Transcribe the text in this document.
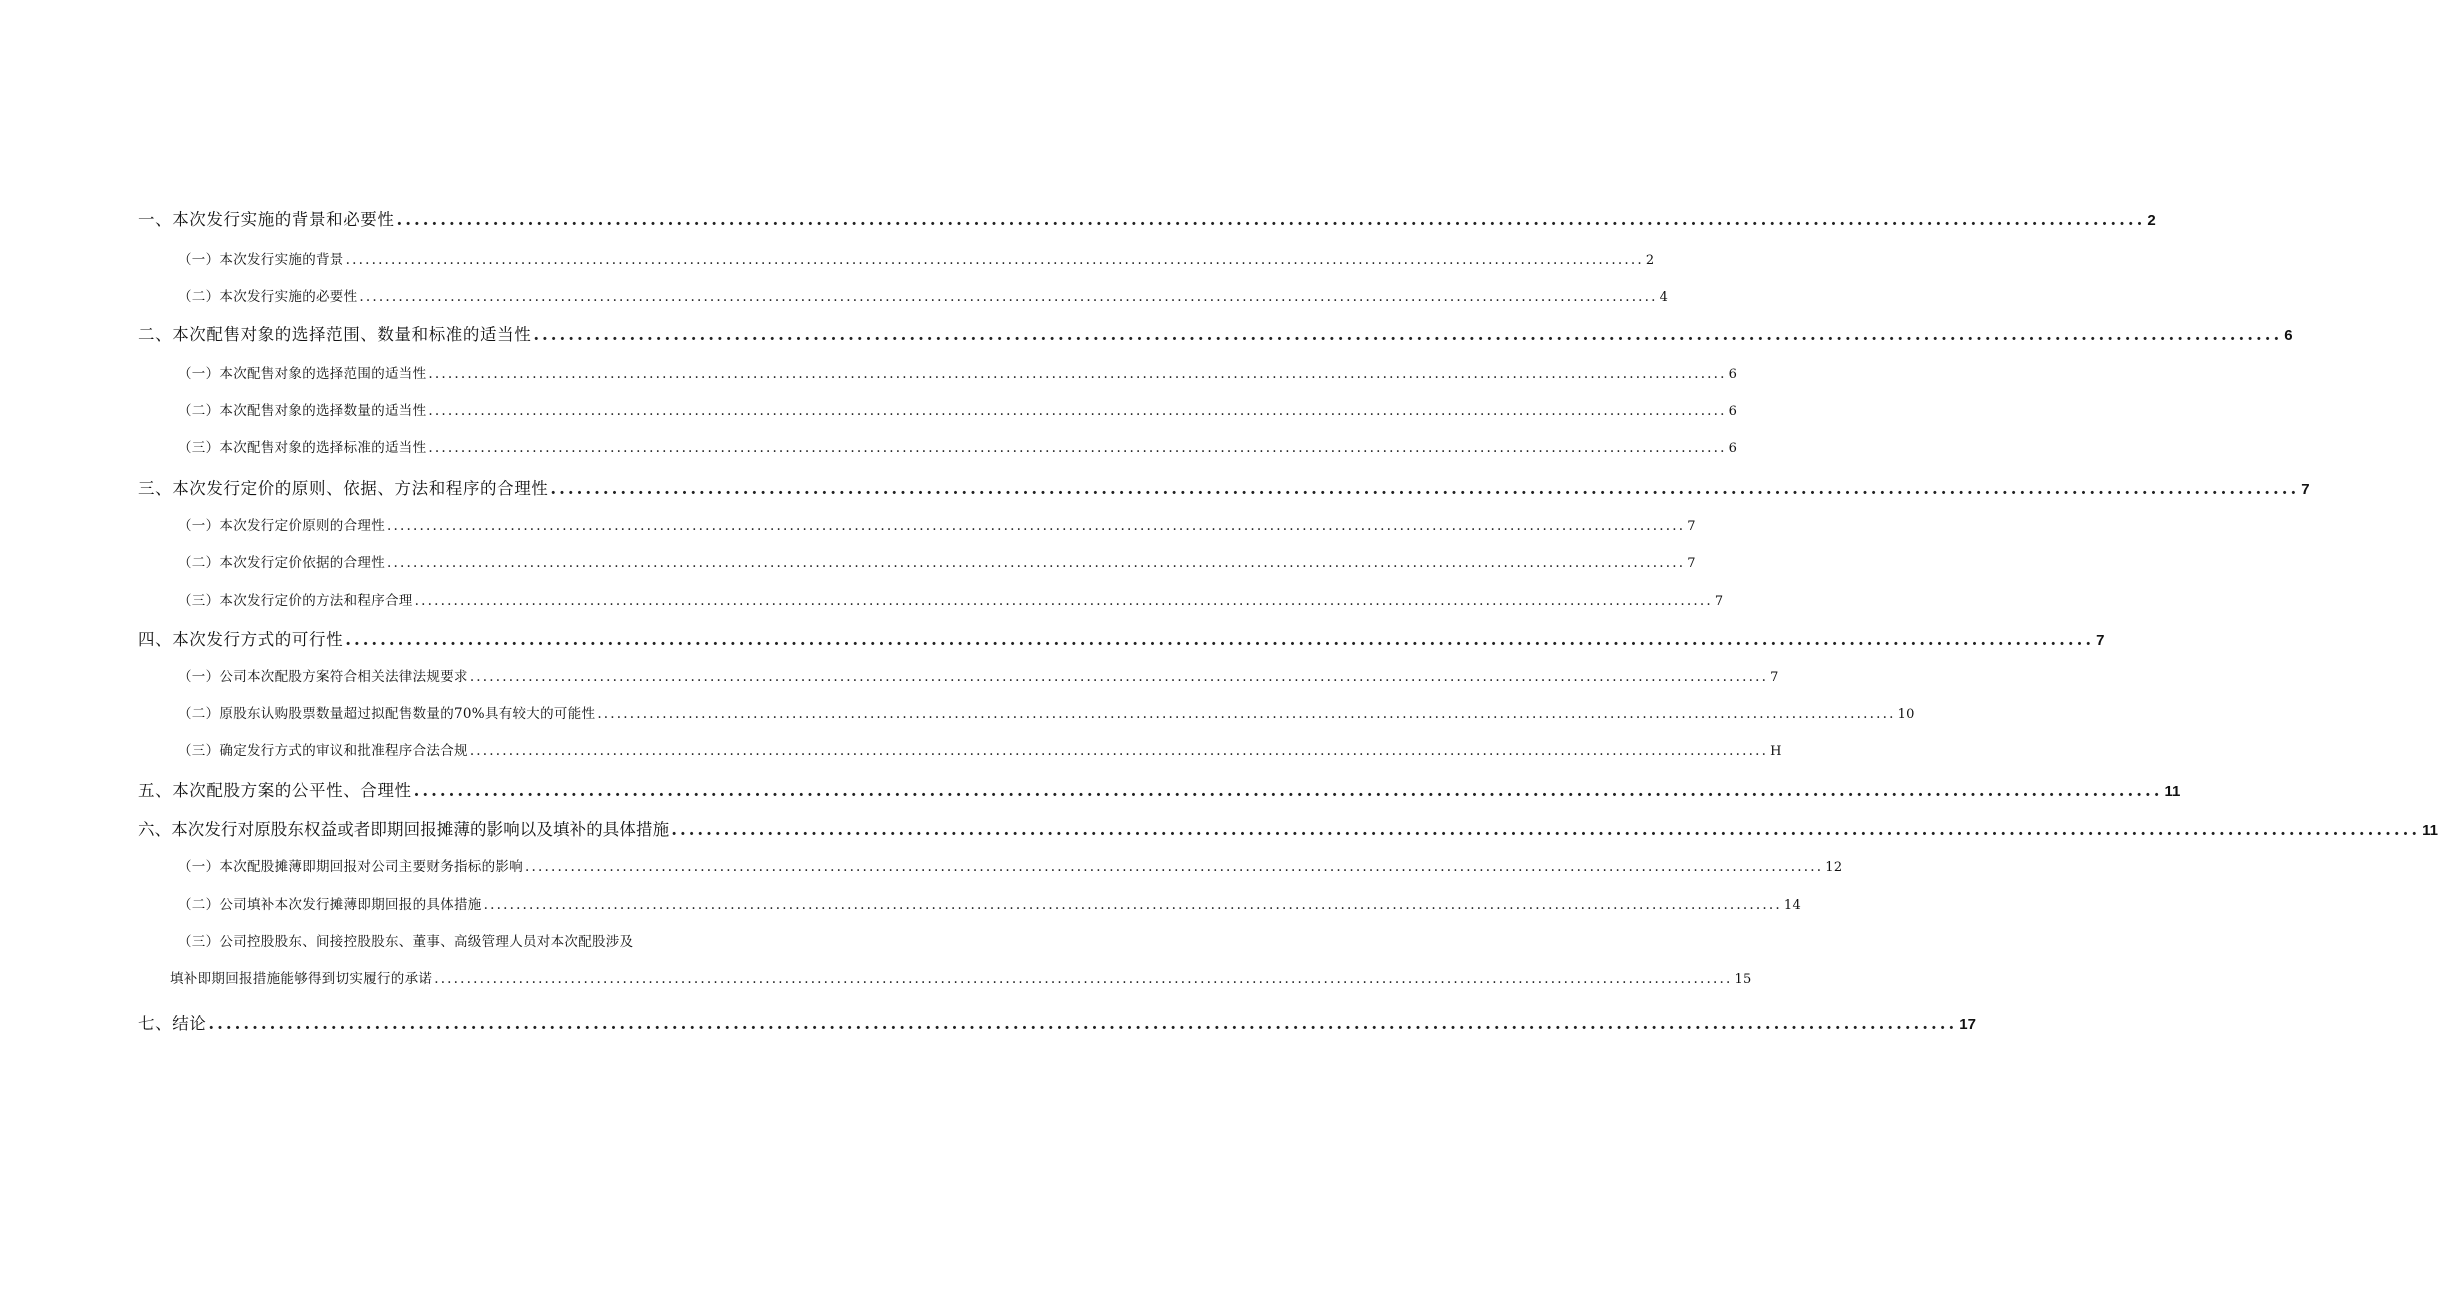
一、本次发行实施的背景和必要性 ........................................................................................................................................................................................................ 2
（一）本次发行实施的背景 ........................................................................................................................................................................................................ 2
（二）本次发行实施的必要性 ........................................................................................................................................................................................................ 4
二、本次配售对象的选择范围、数量和标准的适当性 ........................................................................................................................................................................................................ 6
（一）本次配售对象的选择范围的适当性 ........................................................................................................................................................................................................ 6
（二）本次配售对象的选择数量的适当性 ........................................................................................................................................................................................................ 6
（三）本次配售对象的选择标准的适当性 ........................................................................................................................................................................................................ 6
三、本次发行定价的原则、依据、方法和程序的合理性 ........................................................................................................................................................................................................ 7
（一）本次发行定价原则的合理性 ........................................................................................................................................................................................................ 7
（二）本次发行定价依据的合理性 ........................................................................................................................................................................................................ 7
（三）本次发行定价的方法和程序合理 ........................................................................................................................................................................................................ 7
四、本次发行方式的可行性 ........................................................................................................................................................................................................ 7
（一）公司本次配股方案符合相关法律法规要求 ........................................................................................................................................................................................................ 7
（二）原股东认购股票数量超过拟配售数量的70%具有较大的可能性 ........................................................................................................................................................................................................ 10
（三）确定发行方式的审议和批准程序合法合规 ........................................................................................................................................................................................................ H
五、本次配股方案的公平性、合理性 ........................................................................................................................................................................................................ 11
六、本次发行对原股东权益或者即期回报摊薄的影响以及填补的具体措施 ........................................................................................................................................................................................................ 11
（一）本次配股摊薄即期回报对公司主要财务指标的影响 ........................................................................................................................................................................................................ 12
（二）公司填补本次发行摊薄即期回报的具体措施 ........................................................................................................................................................................................................ 14
（三）公司控股股东、间接控股股东、董事、高级管理人员对本次配股涉及
填补即期回报措施能够得到切实履行的承诺 ........................................................................................................................................................................................................ 15
七、结论 ........................................................................................................................................................................................................ 17
